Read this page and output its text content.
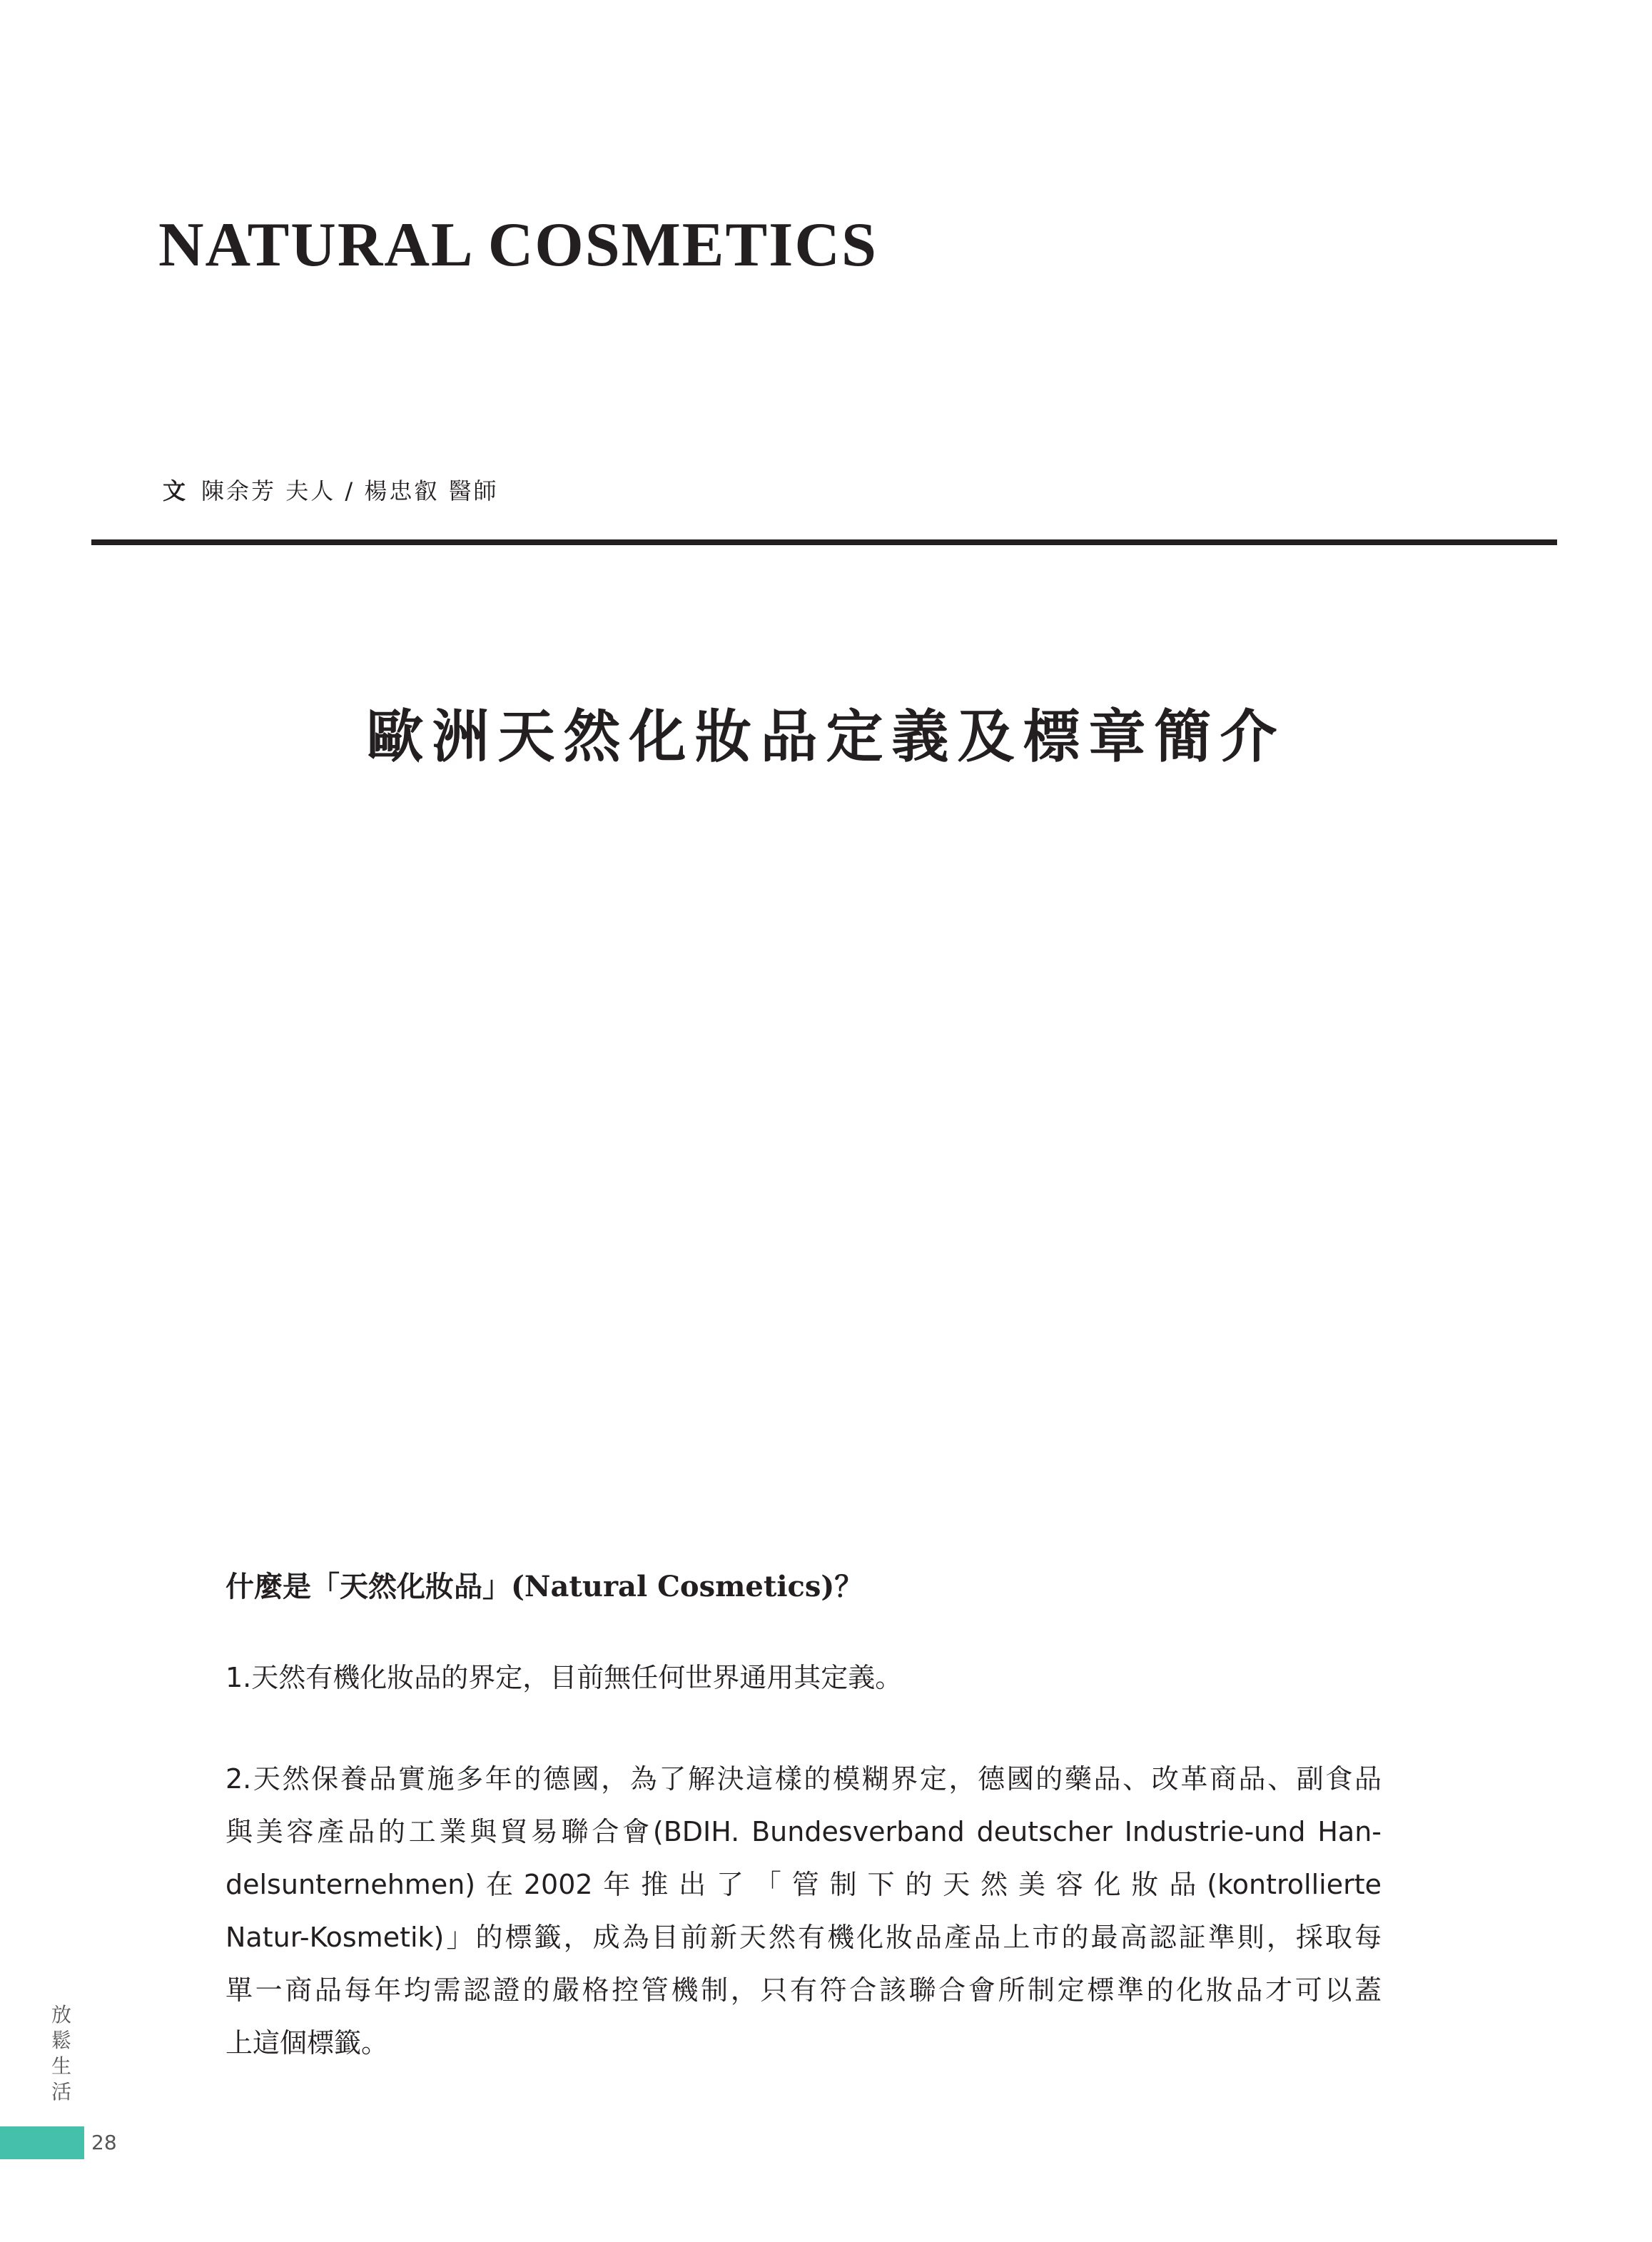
NATURAL COSMETICS
文 陳余芳 夫人 / 楊忠叡 醫師
歐洲天然化妝品定義及標章簡介

什麼是「天然化妝品」(Natural Cosmetics)？

1.天然有機化妝品的界定，目前無任何世界通用其定義。

2.天然保養品實施多年的德國，為了解決這樣的模糊界定，德國的藥品、改革商品、副食品
與美容產品的工業與貿易聯合會(BDIH. Bundesverband deutscher Industrie-und Han-
delsunternehmen)在2002年推出了「管制下的天然美容化妝品(kontrollierte
Natur-Kosmetik)」的標籤，成為目前新天然有機化妝品產品上市的最高認証準則，採取每
單一商品每年均需認證的嚴格控管機制，只有符合該聯合會所制定標準的化妝品才可以蓋
上這個標籤。

放鬆生活
28
